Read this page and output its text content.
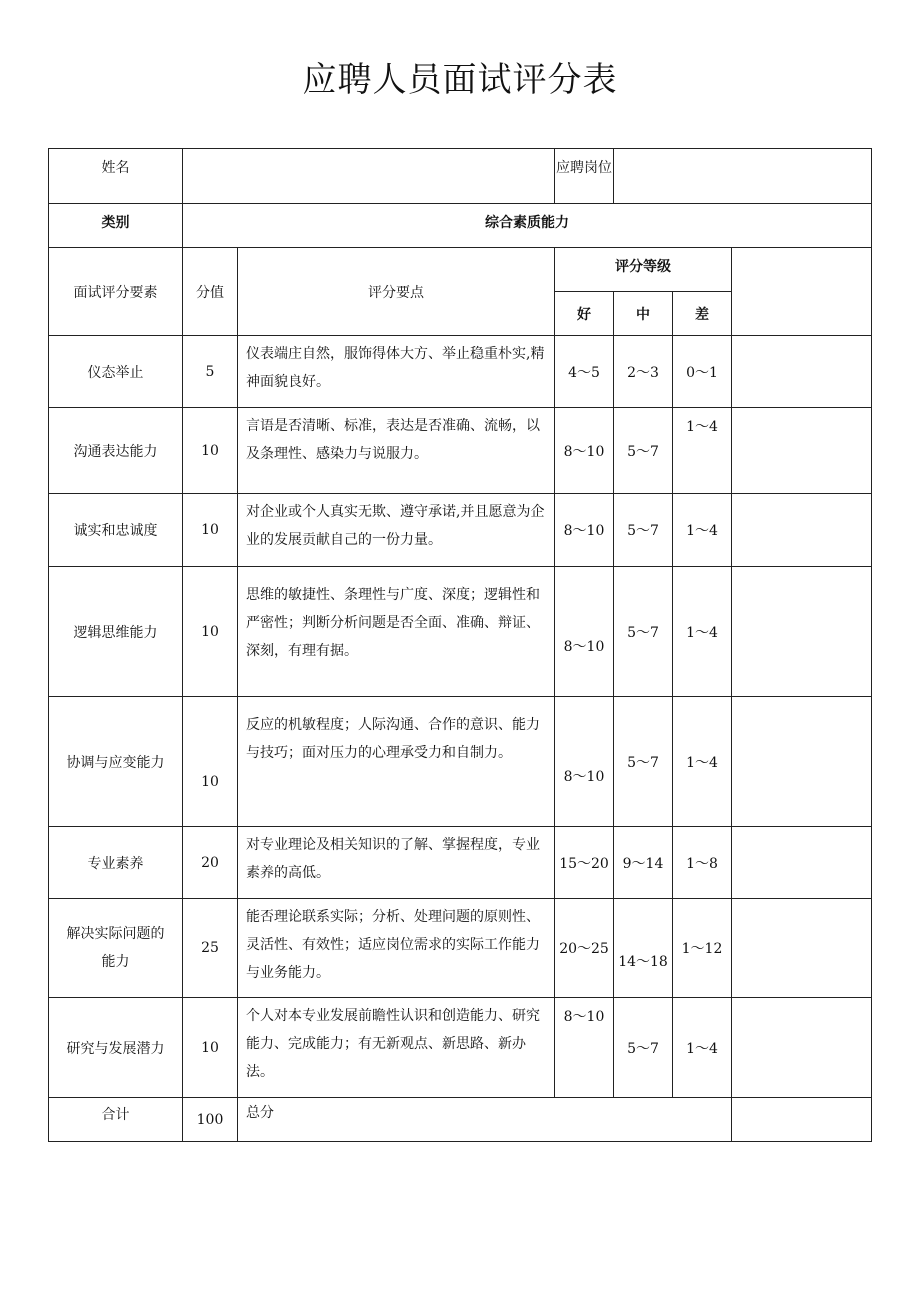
应聘人员面试评分表
姓名			应聘岗位			
类别	综合素质能力					
面试评分要素	分值	评分要点	评分等级			
			好	中	差	
仪态举止	5	仪表端庄自然，服饰得体大方、举止稳重朴实,精神面貌良好。	4～5	2～3	0～1	
沟通表达能力	10	言语是否清晰、标准，表达是否准确、流畅，以及条理性、感染力与说服力。	8～10	5～7	1～4	
诚实和忠诚度	10	对企业或个人真实无欺、遵守承诺,并且愿意为企业的发展贡献自己的一份力量。	8～10	5～7	1～4	
逻辑思维能力	10	思维的敏捷性、条理性与广度、深度；逻辑性和严密性；判断分析问题是否全面、准确、辩证、深刻，有理有据。	8～10	5～7	1～4	
协调与应变能力	10	反应的机敏程度；人际沟通、合作的意识、能力与技巧；面对压力的心理承受力和自制力。	8～10	5～7	1～4	
专业素养	20	对专业理论及相关知识的了解、掌握程度，专业素养的高低。	15～20	9～14	1～8	
解决实际问题的能力	25	能否理论联系实际；分析、处理问题的原则性、灵活性、有效性；适应岗位需求的实际工作能力与业务能力。	20～25	14～18	1～12	
研究与发展潜力	10	个人对本专业发展前瞻性认识和创造能力、研究能力、完成能力；有无新观点、新思路、新办法。	8～10	5～7	1～4	
合计	100	总分				
